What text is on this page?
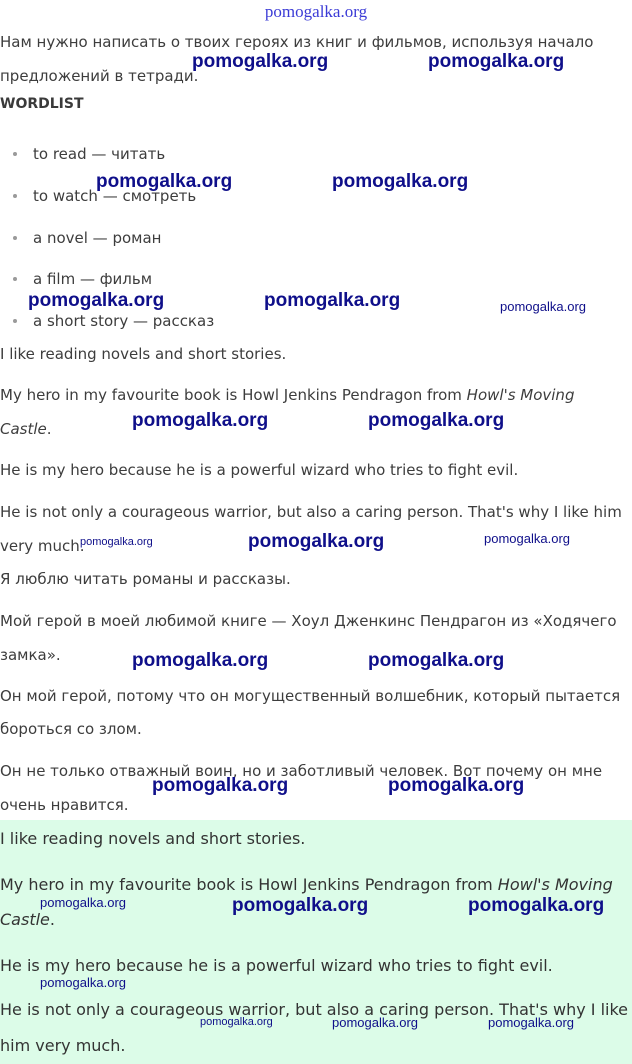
pomogalka.org

Нам нужно написать о твоих героях из книг и фильмов, используя начало

предложений в тетради.

WORDLIST

to read — читать
to watch — смотреть
a novel — роман
a film — фильм
a short story — рассказ

I like reading novels and short stories.

My hero in my favourite book is Howl Jenkins Pendragon from Howl's Moving

Castle.

He is my hero because he is a powerful wizard who tries to fight evil.

He is not only a courageous warrior, but also a caring person. That's why I like him

very much.

Я люблю читать романы и рассказы.

Мой герой в моей любимой книге — Хоул Дженкинс Пендрагон из «Ходячего

замка».

Он мой герой, потому что он могущественный волшебник, который пытается

бороться со злом.

Он не только отважный воин, но и заботливый человек. Вот почему он мне

очень нравится.

I like reading novels and short stories.

My hero in my favourite book is Howl Jenkins Pendragon from Howl's Moving

Castle.

He is my hero because he is a powerful wizard who tries to fight evil.

He is not only a courageous warrior, but also a caring person. That's why I like

him very much.

pomogalka.org	pomogalka.org
pomogalka.org	pomogalka.org
pomogalka.org	pomogalka.org	pomogalka.org
pomogalka.org	pomogalka.org
pomogalka.org	pomogalka.org	pomogalka.org
pomogalka.org	pomogalka.org
pomogalka.org	pomogalka.org
pomogalka.org	pomogalka.org	pomogalka.org
pomogalka.org
pomogalka.org	pomogalka.org	pomogalka.org
